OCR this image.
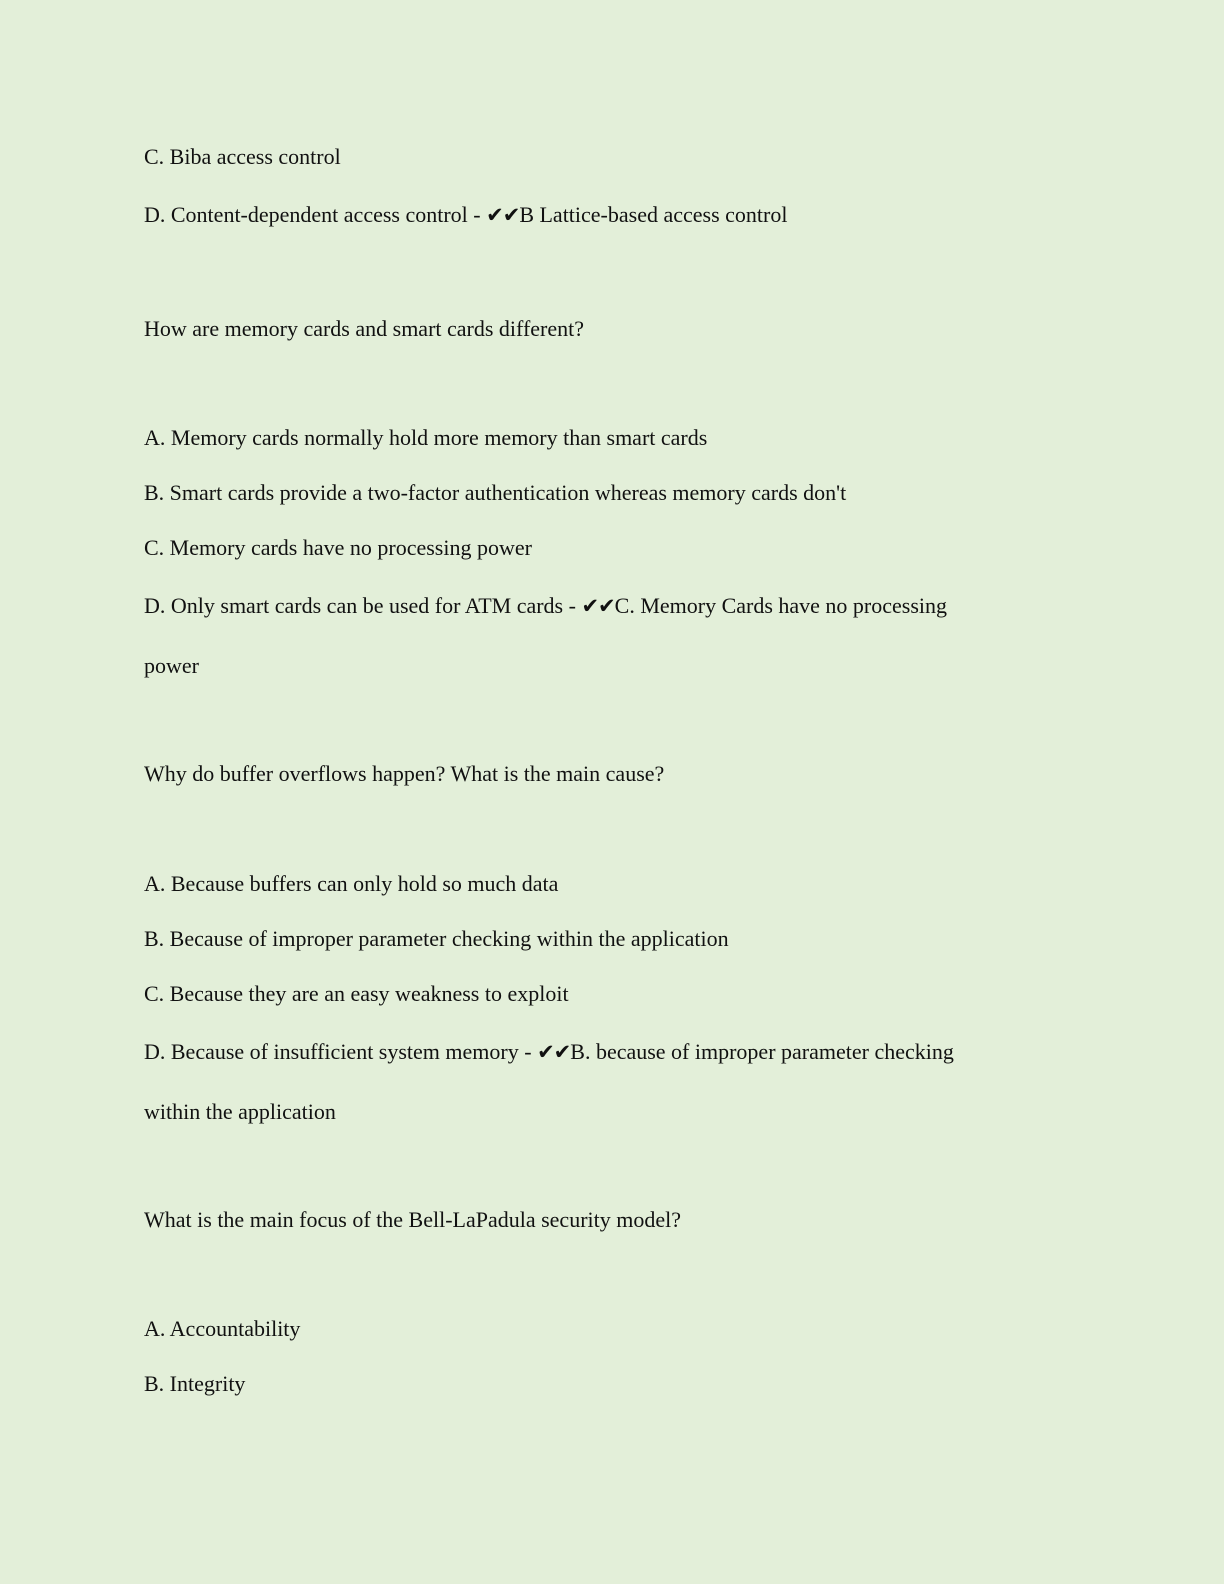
C. Biba access control

D. Content-dependent access control - ✔✔B Lattice-based access control

How are memory cards and smart cards different?

A. Memory cards normally hold more memory than smart cards

B. Smart cards provide a two-factor authentication whereas memory cards don't

C. Memory cards have no processing power

D. Only smart cards can be used for ATM cards - ✔✔C. Memory Cards have no processing

power

Why do buffer overflows happen? What is the main cause?

A. Because buffers can only hold so much data

B. Because of improper parameter checking within the application

C. Because they are an easy weakness to exploit

D. Because of insufficient system memory - ✔✔B. because of improper parameter checking

within the application

What is the main focus of the Bell-LaPadula security model?

A. Accountability

B. Integrity
